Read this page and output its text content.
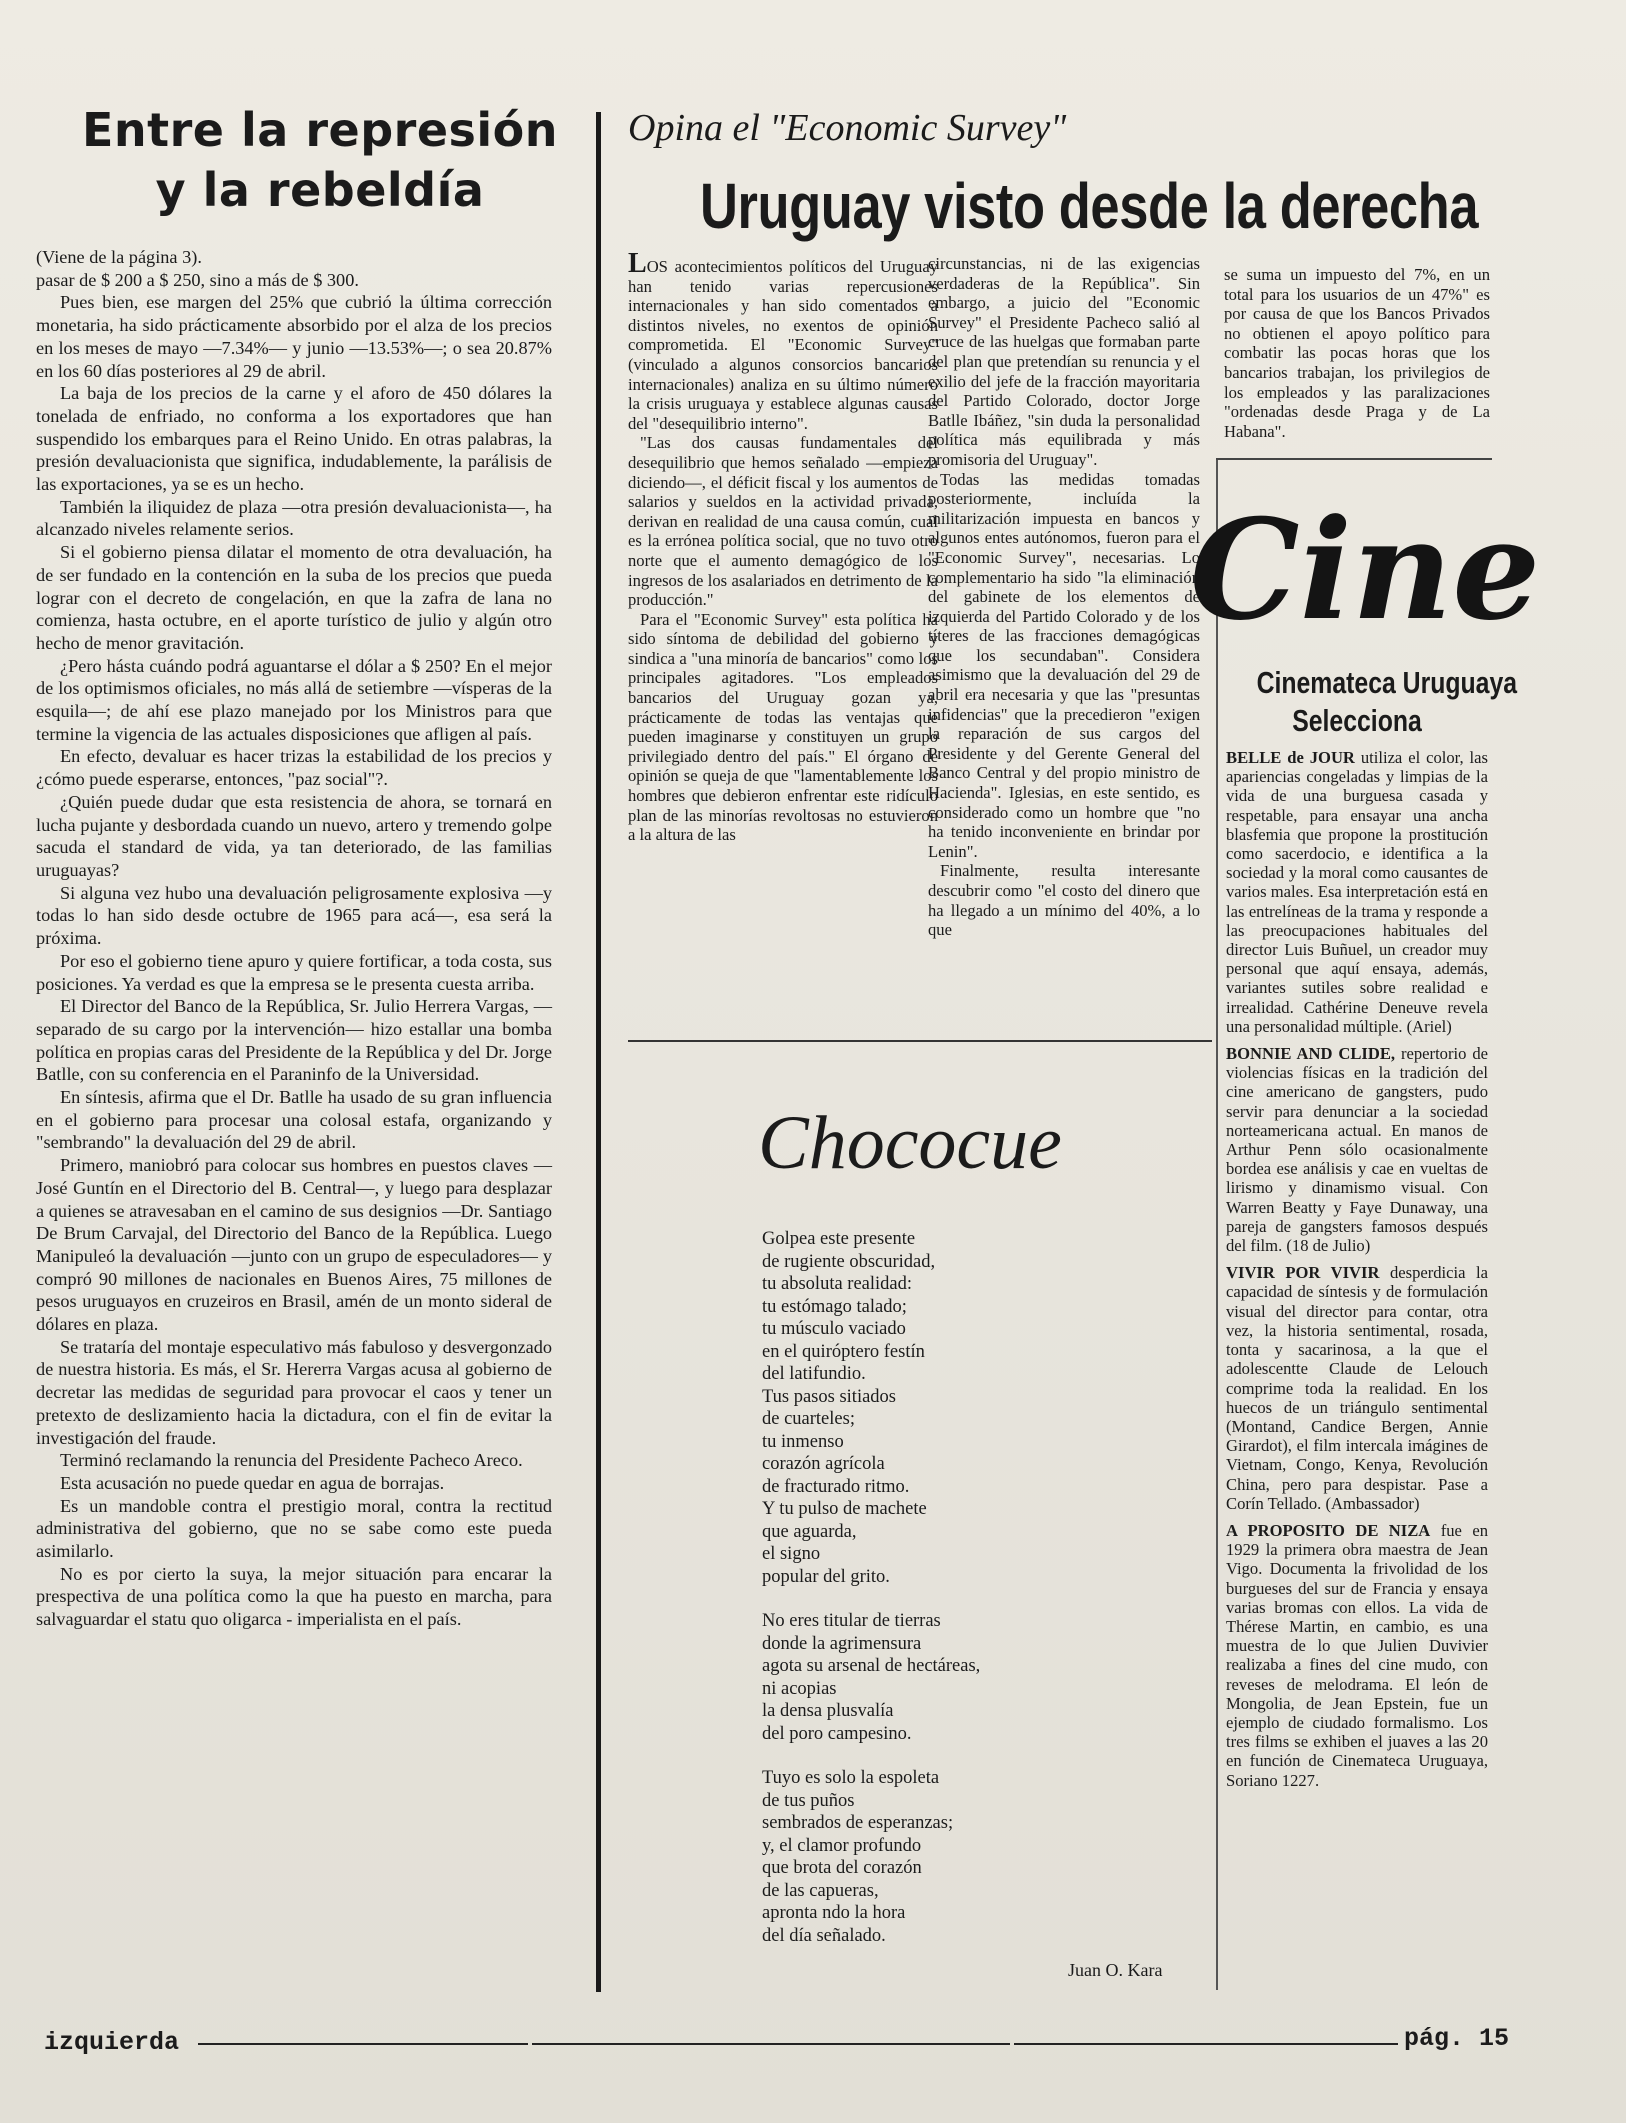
Entre la represión
y la rebeldía

(Viene de la página 3).

pasar de $ 200 a $ 250, sino a más de $ 300.

Pues bien, ese margen del 25% que cubrió la última corrección monetaria, ha sido prácticamente absorbido por el alza de los precios en los meses de mayo —7.34%— y junio —13.53%—; o sea 20.87% en los 60 días posteriores al 29 de abril.

La baja de los precios de la carne y el aforo de 450 dólares la tonelada de enfriado, no conforma a los exportadores que han suspendido los embarques para el Reino Unido. En otras palabras, la presión devaluacionista que significa, indudablemente, la parálisis de las exportaciones, ya se es un hecho.

También la iliquidez de plaza —otra presión devaluacionista—, ha alcanzado niveles relamente serios.

Si el gobierno piensa dilatar el momento de otra devaluación, ha de ser fundado en la contención en la suba de los precios que pueda lograr con el decreto de congelación, en que la zafra de lana no comienza, hasta octubre, en el aporte turístico de julio y algún otro hecho de menor gravitación.

¿Pero hásta cuándo podrá aguantarse el dólar a $ 250? En el mejor de los optimismos oficiales, no más allá de setiembre —vísperas de la esquila—; de ahí ese plazo manejado por los Ministros para que termine la vigencia de las actuales disposiciones que afligen al país.

En efecto, devaluar es hacer trizas la estabilidad de los precios y ¿cómo puede esperarse, entonces, "paz social"?.

¿Quién puede dudar que esta resistencia de ahora, se tornará en lucha pujante y desbordada cuando un nuevo, artero y tremendo golpe sacuda el standard de vida, ya tan deteriorado, de las familias uruguayas?

Si alguna vez hubo una devaluación peligrosamente explosiva —y todas lo han sido desde octubre de 1965 para acá—, esa será la próxima.

Por eso el gobierno tiene apuro y quiere fortificar, a toda costa, sus posiciones. Ya verdad es que la empresa se le presenta cuesta arriba.

El Director del Banco de la República, Sr. Julio Herrera Vargas, —separado de su cargo por la intervención— hizo estallar una bomba política en propias caras del Presidente de la República y del Dr. Jorge Batlle, con su conferencia en el Paraninfo de la Universidad.

En síntesis, afirma que el Dr. Batlle ha usado de su gran influencia en el gobierno para procesar una colosal estafa, organizando y "sembrando" la devaluación del 29 de abril.

Primero, maniobró para colocar sus hombres en puestos claves —José Guntín en el Directorio del B. Central—, y luego para desplazar a quienes se atravesaban en el camino de sus designios —Dr. Santiago De Brum Carvajal, del Directorio del Banco de la República. Luego Manipuleó la devaluación —junto con un grupo de especuladores— y compró 90 millones de nacionales en Buenos Aires, 75 millones de pesos uruguayos en cruzeiros en Brasil, amén de un monto sideral de dólares en plaza.

Se trataría del montaje especulativo más fabuloso y desvergonzado de nuestra historia. Es más, el Sr. Hererra Vargas acusa al gobierno de decretar las medidas de seguridad para provocar el caos y tener un pretexto de deslizamiento hacia la dictadura, con el fin de evitar la investigación del fraude.

Terminó reclamando la renuncia del Presidente Pacheco Areco.

Esta acusación no puede quedar en agua de borrajas.

Es un mandoble contra el prestigio moral, contra la rectitud administrativa del gobierno, que no se sabe como este pueda asimilarlo.

No es por cierto la suya, la mejor situación para encarar la prespectiva de una política como la que ha puesto en marcha, para salvaguardar el statu quo oligarca - imperialista en el país.

Opina el "Economic Survey"
Uruguay visto desde la derecha

LOS acontecimientos políticos del Uruguay han tenido varias repercusiones internacionales y han sido comentados a distintos niveles, no exentos de opinión comprometida. El "Economic Survey" (vinculado a algunos consorcios bancarios internacionales) analiza en su último número la crisis uruguaya y establece algunas causas del "desequilibrio interno".

"Las dos causas fundamentales del desequilibrio que hemos señalado —empieza diciendo—, el déficit fiscal y los aumentos de salarios y sueldos en la actividad privada, derivan en realidad de una causa común, cual es la errónea política social, que no tuvo otro norte que el aumento demagógico de los ingresos de los asalariados en detrimento de la producción."

Para el "Economic Survey" esta política ha sido síntoma de debilidad del gobierno y sindica a "una minoría de bancarios" como los principales agitadores. "Los empleados bancarios del Uruguay gozan ya, prácticamente de todas las ventajas que pueden imaginarse y constituyen un grupo privilegiado dentro del país." El órgano de opinión se queja de que "lamentablemente los hombres que debieron enfrentar este ridículo plan de las minorías revoltosas no estuvieron a la altura de las

circunstancias, ni de las exigencias verdaderas de la República". Sin embargo, a juicio del "Economic Survey" el Presidente Pacheco salió al cruce de las huelgas que formaban parte del plan que pretendían su renuncia y el exilio del jefe de la fracción mayoritaria del Partido Colorado, doctor Jorge Batlle Ibáñez, "sin duda la personalidad política más equilibrada y más promisoria del Uruguay".

Todas las medidas tomadas posteriormente, incluída la militarización impuesta en bancos y algunos entes autónomos, fueron para el "Economic Survey", necesarias. Lo complementario ha sido "la eliminación del gabinete de los elementos de izquierda del Partido Colorado y de los títeres de las fracciones demagógicas que los secundaban". Considera asimismo que la devaluación del 29 de abril era necesaria y que las "presuntas infidencias" que la precedieron "exigen la reparación de sus cargos del Presidente y del Gerente General del Banco Central y del propio ministro de Hacienda". Iglesias, en este sentido, es considerado como un hombre que "no ha tenido inconveniente en brindar por Lenin".

Finalmente, resulta interesante descubrir como "el costo del dinero que ha llegado a un mínimo del 40%, a lo que

se suma un impuesto del 7%, en un total para los usuarios de un 47%" es por causa de que los Bancos Privados no obtienen el apoyo político para combatir las pocas horas que los bancarios trabajan, los privilegios de los empleados y las paralizaciones "ordenadas desde Praga y de La Habana".

Chococue

Golpea este presente

de rugiente obscuridad,

tu absoluta realidad:

tu estómago talado;

tu músculo vaciado

en el quiróptero festín

del latifundio.

Tus pasos sitiados

de cuarteles;

tu inmenso

corazón agrícola

de fracturado ritmo.

Y tu pulso de machete

que aguarda,

el signo

popular del grito.

No eres titular de tierras

donde la agrimensura

agota su arsenal de hectáreas,

ni acopias

la densa plusvalía

del poro campesino.

Tuyo es solo la espoleta

de tus puños

sembrados de esperanzas;

y, el clamor profundo

que brota del corazón

de las capueras,

apronta ndo la hora

del día señalado.

Juan O. Kara
Cine
Cinemateca Uruguaya
Selecciona

BELLE de JOUR utiliza el color, las apariencias congeladas y limpias de la vida de una burguesa casada y respetable, para ensayar una ancha blasfemia que propone la prostitución como sacerdocio, e identifica a la sociedad y la moral como causantes de varios males. Esa interpretación está en las entrelíneas de la trama y responde a las preocupaciones habituales del director Luis Buñuel, un creador muy personal que aquí ensaya, además, variantes sutiles sobre realidad e irrealidad. Cathérine Deneuve revela una personalidad múltiple. (Ariel)

BONNIE AND CLIDE, repertorio de violencias físicas en la tradición del cine americano de gangsters, pudo servir para denunciar a la sociedad norteamericana actual. En manos de Arthur Penn sólo ocasionalmente bordea ese análisis y cae en vueltas de lirismo y dinamismo visual. Con Warren Beatty y Faye Dunaway, una pareja de gangsters famosos después del film. (18 de Julio)

VIVIR POR VIVIR desperdicia la capacidad de síntesis y de formulación visual del director para contar, otra vez, la historia sentimental, rosada, tonta y sacarinosa, a la que el adolescentte Claude de Lelouch comprime toda la realidad. En los huecos de un triángulo sentimental (Montand, Candice Bergen, Annie Girardot), el film intercala imágines de Vietnam, Congo, Kenya, Revolución China, pero para despistar. Pase a Corín Tellado. (Ambassador)

A PROPOSITO DE NIZA fue en 1929 la primera obra maestra de Jean Vigo. Documenta la frivolidad de los burgueses del sur de Francia y ensaya varias bromas con ellos. La vida de Thérese Martin, en cambio, es una muestra de lo que Julien Duvivier realizaba a fines del cine mudo, con reveses de melodrama. El león de Mongolia, de Jean Epstein, fue un ejemplo de ciudado formalismo. Los tres films se exhiben el juaves a las 20 en función de Cinemateca Uruguaya, Soriano 1227.

izquierda	pág. 15
